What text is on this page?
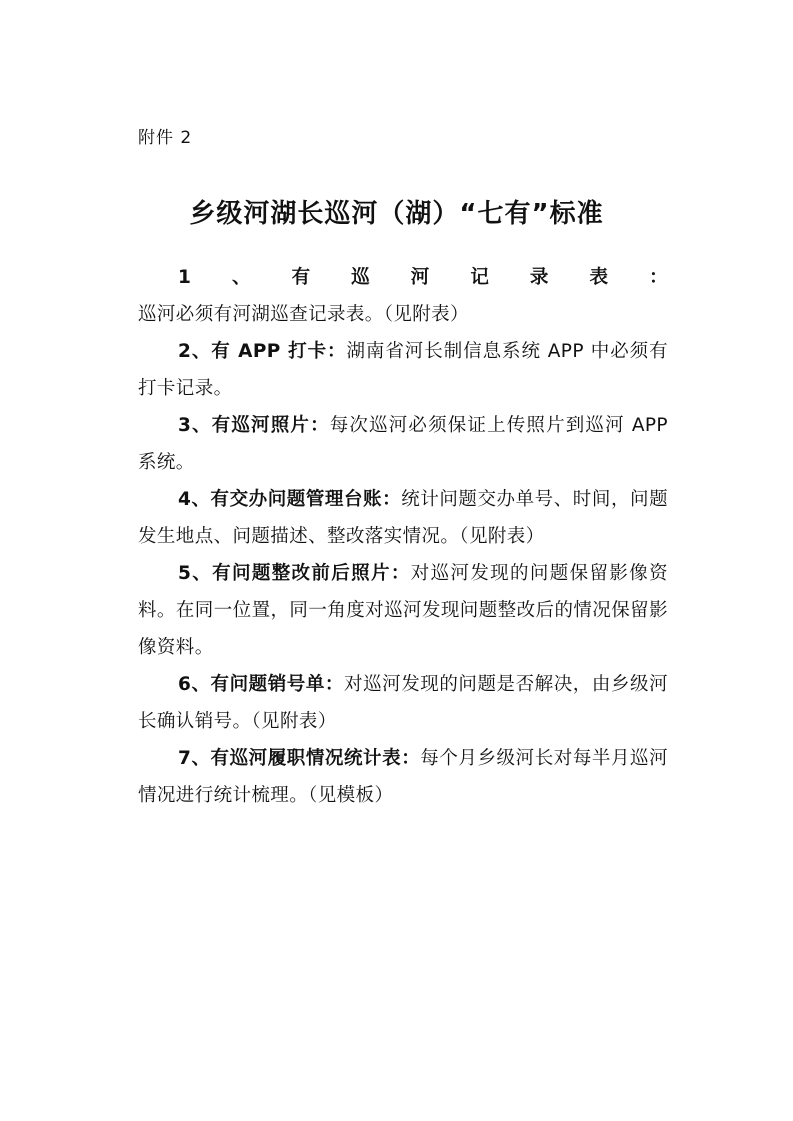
附件 2
乡级河湖长巡河（湖）“七有”标准

1、有巡河记录表：巡河必须有河湖巡查记录表。（见附表）

2、有 APP 打卡：湖南省河长制信息系统 APP 中必须有打卡记录。

3、有巡河照片：每次巡河必须保证上传照片到巡河 APP 系统。

4、有交办问题管理台账：统计问题交办单号、时间，问题发生地点、问题描述、整改落实情况。（见附表）

5、有问题整改前后照片：对巡河发现的问题保留影像资料。在同一位置，同一角度对巡河发现问题整改后的情况保留影像资料。

6、有问题销号单：对巡河发现的问题是否解决，由乡级河长确认销号。（见附表）

7、有巡河履职情况统计表：每个月乡级河长对每半月巡河情况进行统计梳理。（见模板）
